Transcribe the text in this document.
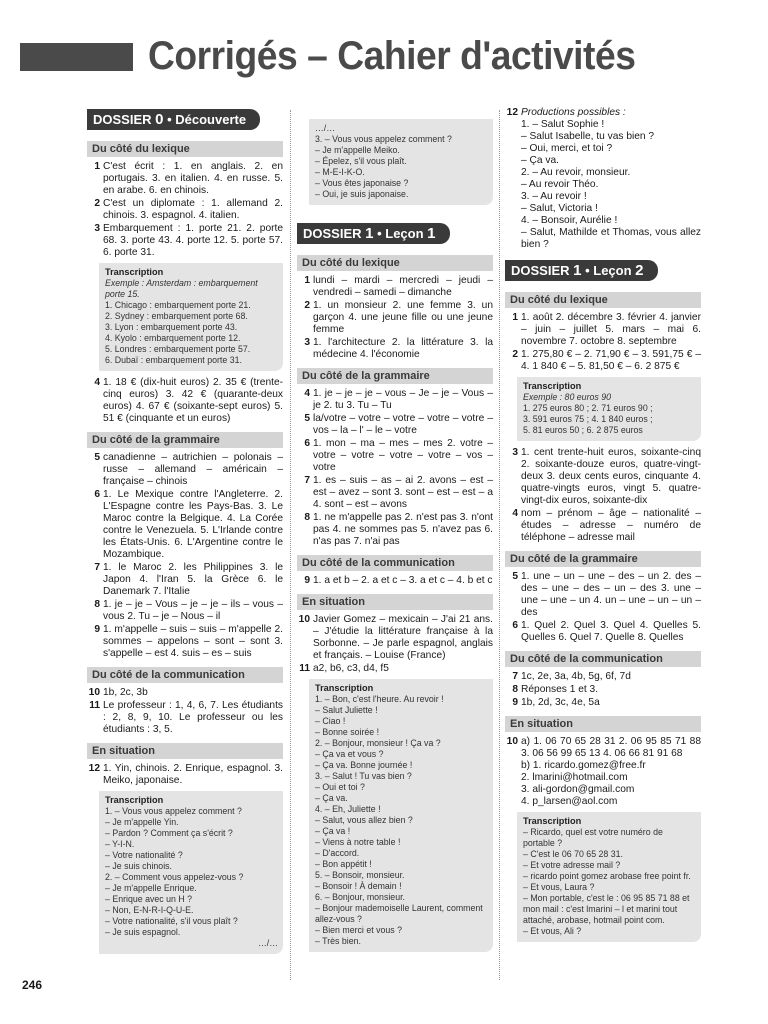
Corrigés – Cahier d'activités
DOSSIER 0 • Découverte
Du côté du lexique
1 C'est écrit : 1. en anglais. 2. en portugais. 3. en italien. 4. en russe. 5. en arabe. 6. en chinois.
2 C'est un diplomate : 1. allemand 2. chinois. 3. espagnol. 4. italien.
3 Embarquement : 1. porte 21. 2. porte 68. 3. porte 43. 4. porte 12. 5. porte 57. 6. porte 31.

Transcription

Exemple : Amsterdam : embarquement porte 15.

1. Chicago : embarquement porte 21.

2. Sydney : embarquement porte 68.

3. Lyon : embarquement porte 43.

4. Kyolo : embarquement porte 12.

5. Londres : embarquement porte 57.

6. Dubaï : embarquement porte 31.

4 1. 18 € (dix-huit euros) 2. 35 € (trente-cinq euros) 3. 42 € (quarante-deux euros) 4. 67 € (soixante-sept euros) 5. 51 € (cinquante et un euros)
Du côté de la grammaire
5 canadienne – autrichien – polonais – russe – allemand – américain – française – chinois
6 1. Le Mexique contre l'Angleterre. 2. L'Espagne contre les Pays-Bas. 3. Le Maroc contre la Belgique. 4. La Corée contre le Venezuela. 5. L'Irlande contre les États-Unis. 6. L'Argentine contre le Mozambique.
7 1. le Maroc 2. les Philippines 3. le Japon 4. l'Iran 5. la Grèce 6. le Danemark 7. l'Italie
8 1. je – je – Vous – je – je – ils – vous – vous 2. Tu – je – Nous – il
9 1. m'appelle – suis – suis – m'appelle 2. sommes – appelons – sont – sont 3. s'appelle – est 4. suis – es – suis
Du côté de la communication
10 1b, 2c, 3b
11 Le professeur : 1, 4, 6, 7. Les étudiants : 2, 8, 9, 10. Le professeur ou les étudiants : 3, 5.
En situation
12 1. Yin, chinois. 2. Enrique, espagnol. 3. Meiko, japonaise.

Transcription

1. – Vous vous appelez comment ?

– Je m'appelle Yin.

– Pardon ? Comment ça s'écrit ?

– Y-I-N.

– Votre nationalité ?

– Je suis chinois.

2. – Comment vous appelez-vous ?

– Je m'appelle Enrique.

– Enrique avec un H ?

– Non, E-N-R-I-Q-U-E.

– Votre nationalité, s'il vous plaît ?

– Je suis espagnol.

…/…

…/…

3. – Vous vous appelez comment ?

– Je m'appelle Meiko.

– Épelez, s'il vous plaît.

– M-E-I-K-O.

– Vous êtes japonaise ?

– Oui, je suis japonaise.

DOSSIER 1 • Leçon 1
Du côté du lexique
1 lundi – mardi – mercredi – jeudi – vendredi – samedi – dimanche
2 1. un monsieur 2. une femme 3. un garçon 4. une jeune fille ou une jeune femme
3 1. l'architecture 2. la littérature 3. la médecine 4. l'économie
Du côté de la grammaire
4 1. je – je – je – vous – Je – je – Vous – je 2. tu 3. Tu – Tu
5 la/votre – votre – votre – votre – votre – vos – la – l' – le – votre
6 1. mon – ma – mes – mes 2. votre – votre – votre – votre – votre – vos – votre
7 1. es – suis – as – ai 2. avons – est – est – avez – sont 3. sont – est – est – a 4. sont – est – avons
8 1. ne m'appelle pas 2. n'est pas 3. n'ont pas 4. ne sommes pas 5. n'avez pas 6. n'as pas 7. n'ai pas
Du côté de la communication
9 1. a et b – 2. a et c – 3. a et c – 4. b et c
En situation
10 Javier Gomez – mexicain – J'ai 21 ans. – J'étudie la littérature française à la Sorbonne. – Je parle espagnol, anglais et français. – Louise (France)
11 a2, b6, c3, d4, f5

Transcription

1. – Bon, c'est l'heure. Au revoir !

– Salut Juliette !

– Ciao !

– Bonne soirée !

2. – Bonjour, monsieur ! Ça va ?

– Ça va et vous ?

– Ça va. Bonne journée !

3. – Salut ! Tu vas bien ?

– Oui et toi ?

– Ça va.

4. – Eh, Juliette !

– Salut, vous allez bien ?

– Ça va !

– Viens à notre table !

– D'accord.

– Bon appétit !

5. – Bonsoir, monsieur.

– Bonsoir ! À demain !

6. – Bonjour, monsieur.

– Bonjour mademoiselle Laurent, comment allez-vous ?

– Bien merci et vous ?

– Très bien.

12 Productions possibles :

1. – Salut Sophie !

– Salut Isabelle, tu vas bien ?

– Oui, merci, et toi ?

– Ça va.

2. – Au revoir, monsieur.

– Au revoir Théo.

3. – Au revoir !

– Salut, Victoria !

4. – Bonsoir, Aurélie !

– Salut, Mathilde et Thomas, vous allez bien ?

DOSSIER 1 • Leçon 2
Du côté du lexique
1 1. août 2. décembre 3. février 4. janvier – juin – juillet 5. mars – mai 6. novembre 7. octobre 8. septembre
2 1. 275,80 € – 2. 71,90 € – 3. 591,75 € – 4. 1 840 € – 5. 81,50 € – 6. 2 875 €

Transcription

Exemple : 80 euros 90

1. 275 euros 80 ; 2. 71 euros 90 ;

3. 591 euros 75 ; 4. 1 840 euros ;

5. 81 euros 50 ; 6. 2 875 euros

3 1. cent trente-huit euros, soixante-cinq 2. soixante-douze euros, quatre-vingt-deux 3. deux cents euros, cinquante 4. quatre-vingts euros, vingt 5. quatre-vingt-dix euros, soixante-dix
4 nom – prénom – âge – nationalité – études – adresse – numéro de téléphone – adresse mail
Du côté de la grammaire
5 1. une – un – une – des – un 2. des – des – une – des – un – des 3. une – une – une – un 4. un – une – un – un – des
6 1. Quel 2. Quel 3. Quel 4. Quelles 5. Quelles 6. Quel 7. Quelle 8. Quelles
Du côté de la communication
7 1c, 2e, 3a, 4b, 5g, 6f, 7d
8 Réponses 1 et 3.
9 1b, 2d, 3c, 4e, 5a
En situation
10 a) 1. 06 70 65 28 31 2. 06 95 85 71 88 3. 06 56 99 65 13 4. 06 66 81 91 68

b) 1. ricardo.gomez@free.fr

2. lmarini@hotmail.com

3. ali-gordon@gmail.com

4. p_larsen@aol.com

Transcription

– Ricardo, quel est votre numéro de portable ?

– C'est le 06 70 65 28 31.

– Et votre adresse mail ?

– ricardo point gomez arobase free point fr.

– Et vous, Laura ?

– Mon portable, c'est le : 06 95 85 71 88 et mon mail : c'est lmarini – l et marini tout attaché, arobase, hotmail point com.

– Et vous, Ali ?

246
